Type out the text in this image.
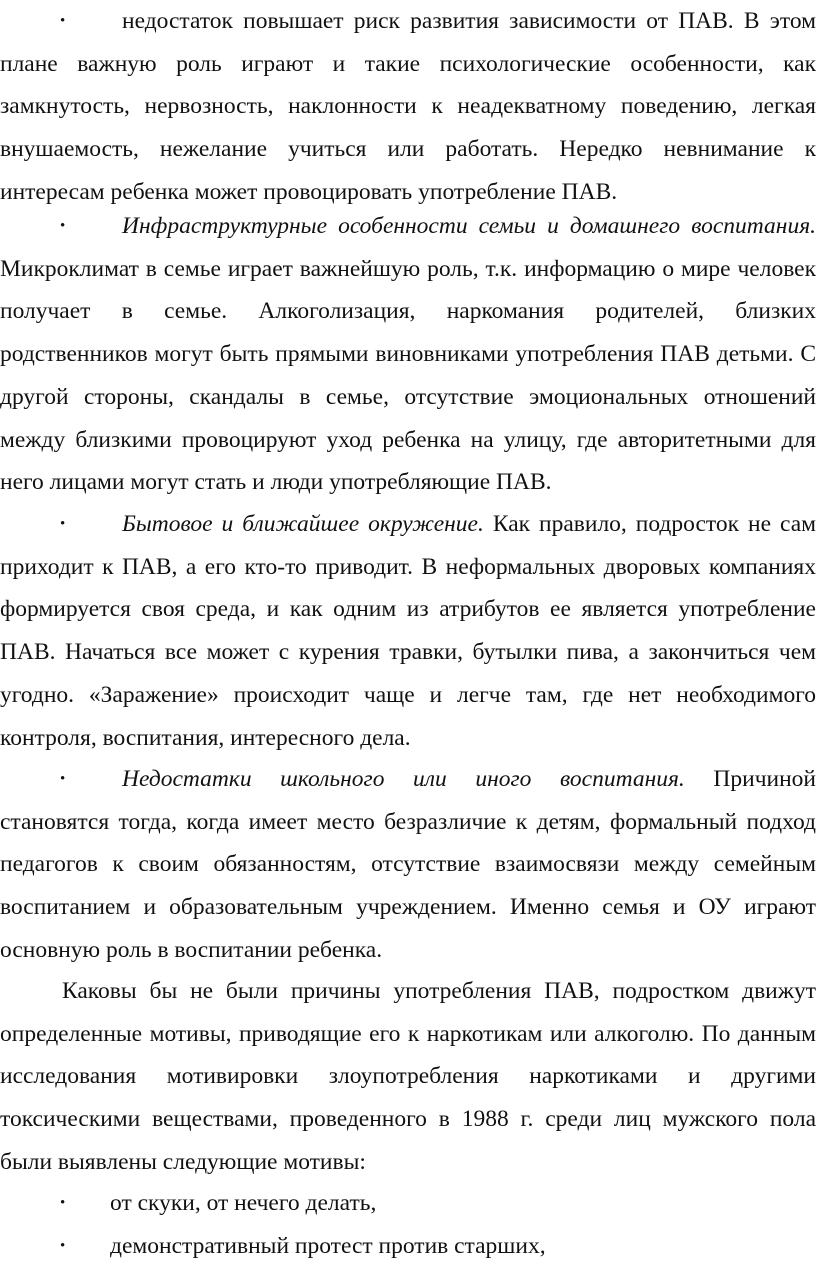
• недостаток повышает риск развития зависимости от ПАВ. В этом плане важную роль играют и такие психологические особенности, как замкнутость, нервозность, наклонности к неадекватному поведению, легкая внушаемость, нежелание учиться или работать. Нередко невнимание к интересам ребенка может провоцировать употребление ПАВ.

• Инфраструктурные особенности семьи и домашнего воспитания. Микроклимат в семье играет важнейшую роль, т.к. информацию о мире человек получает в семье. Алкоголизация, наркомания родителей, близких родственников могут быть прямыми виновниками употребления ПАВ детьми. С другой стороны, скандалы в семье, отсутствие эмоциональных отношений между близкими провоцируют уход ребенка на улицу, где авторитетными для него лицами могут стать и люди употребляющие ПАВ.

• Бытовое и ближайшее окружение. Как правило, подросток не сам приходит к ПАВ, а его кто-то приводит. В неформальных дворовых компаниях формируется своя среда, и как одним из атрибутов ее является употребление ПАВ. Начаться все может с курения травки, бутылки пива, а закончиться чем угодно. «Заражение» происходит чаще и легче там, где нет необходимого контроля, воспитания, интересного дела.

• Недостатки школьного или иного воспитания. Причиной становятся тогда, когда имеет место безразличие к детям, формальный подход педагогов к своим обязанностям, отсутствие взаимосвязи между семейным воспитанием и образовательным учреждением. Именно семья и ОУ играют основную роль в воспитании ребенка.

Каковы бы не были причины употребления ПАВ, подростком движут определенные мотивы, приводящие его к наркотикам или алкоголю. По данным исследования мотивировки злоупотребления наркотиками и другими токсическими веществами, проведенного в 1988 г. среди лиц мужского пола были выявлены следующие мотивы:

• от скуки, от нечего делать,

• демонстративный протест против старших,
